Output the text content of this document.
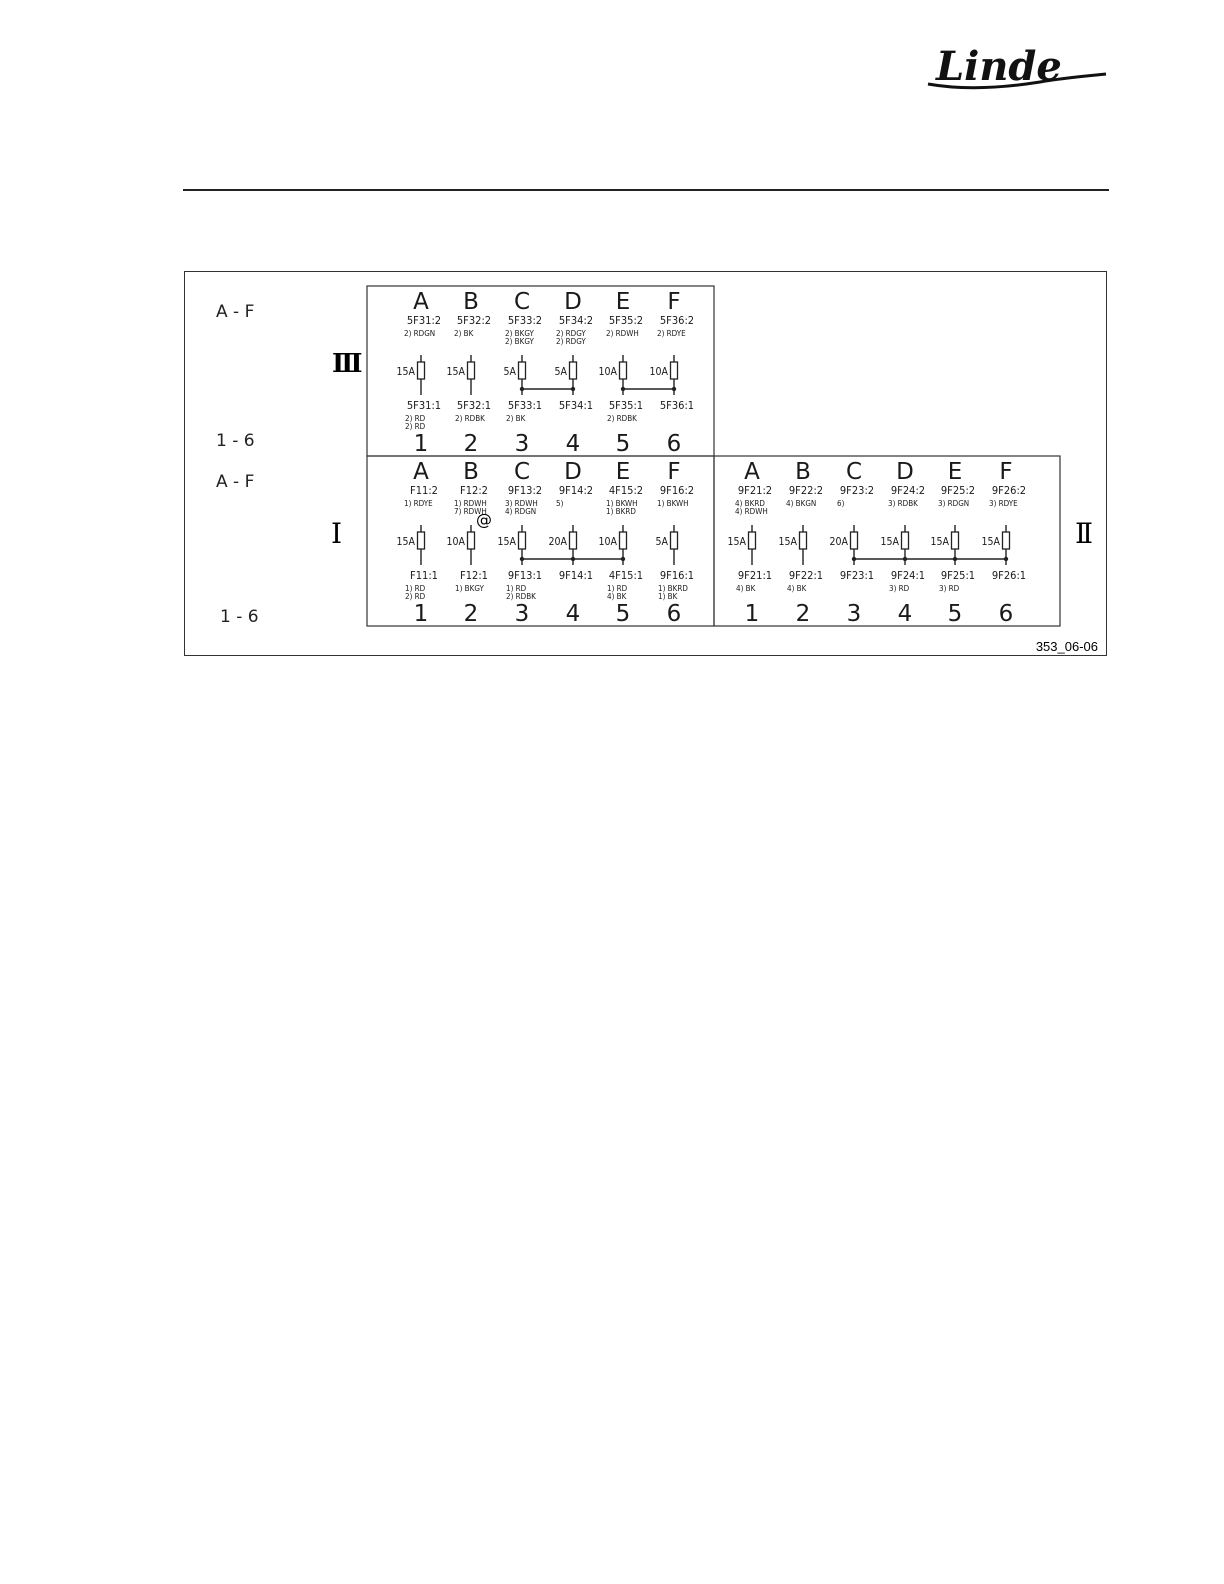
Linde
A - F
1 - 6
A - F
1 - 6
III
I	II
@
353_06-06
A
5F31:2
2) RDGN
15A
5F31:1
2) RD
2) RD
1
B
5F32:2
2) BK
15A
5F32:1
2) RDBK
2
C
5F33:2
2) BKGY
2) BKGY
5A
5F33:1
2) BK
3
D
5F34:2
2) RDGY
2) RDGY
5A
5F34:1
4
E
5F35:2
2) RDWH
10A
5F35:1
2) RDBK
5
F
5F36:2
2) RDYE
10A
5F36:1
6
A
F11:2
1) RDYE
15A
F11:1
1) RD
2) RD
1
B
F12:2
1) RDWH
7) RDWH
10A
F12:1
1) BKGY
2
C
9F13:2
3) RDWH
4) RDGN
15A
9F13:1
1) RD
2) RDBK
3
D
9F14:2
5)
20A
9F14:1
4
E
4F15:2
1) BKWH
1) BKRD
10A
4F15:1
1) RD
4) BK
5
F
9F16:2
1) BKWH
5A
9F16:1
1) BKRD
1) BK
6
A
9F21:2
4) BKRD
4) RDWH
15A
9F21:1
4) BK
1
B
9F22:2
4) BKGN
15A
9F22:1
4) BK
2
C
9F23:2
6)
20A
9F23:1
3
D
9F24:2
3) RDBK
15A
9F24:1
3) RD
4
E
9F25:2
3) RDGN
15A
9F25:1
3) RD
5
F
9F26:2
3) RDYE
15A
9F26:1
6
